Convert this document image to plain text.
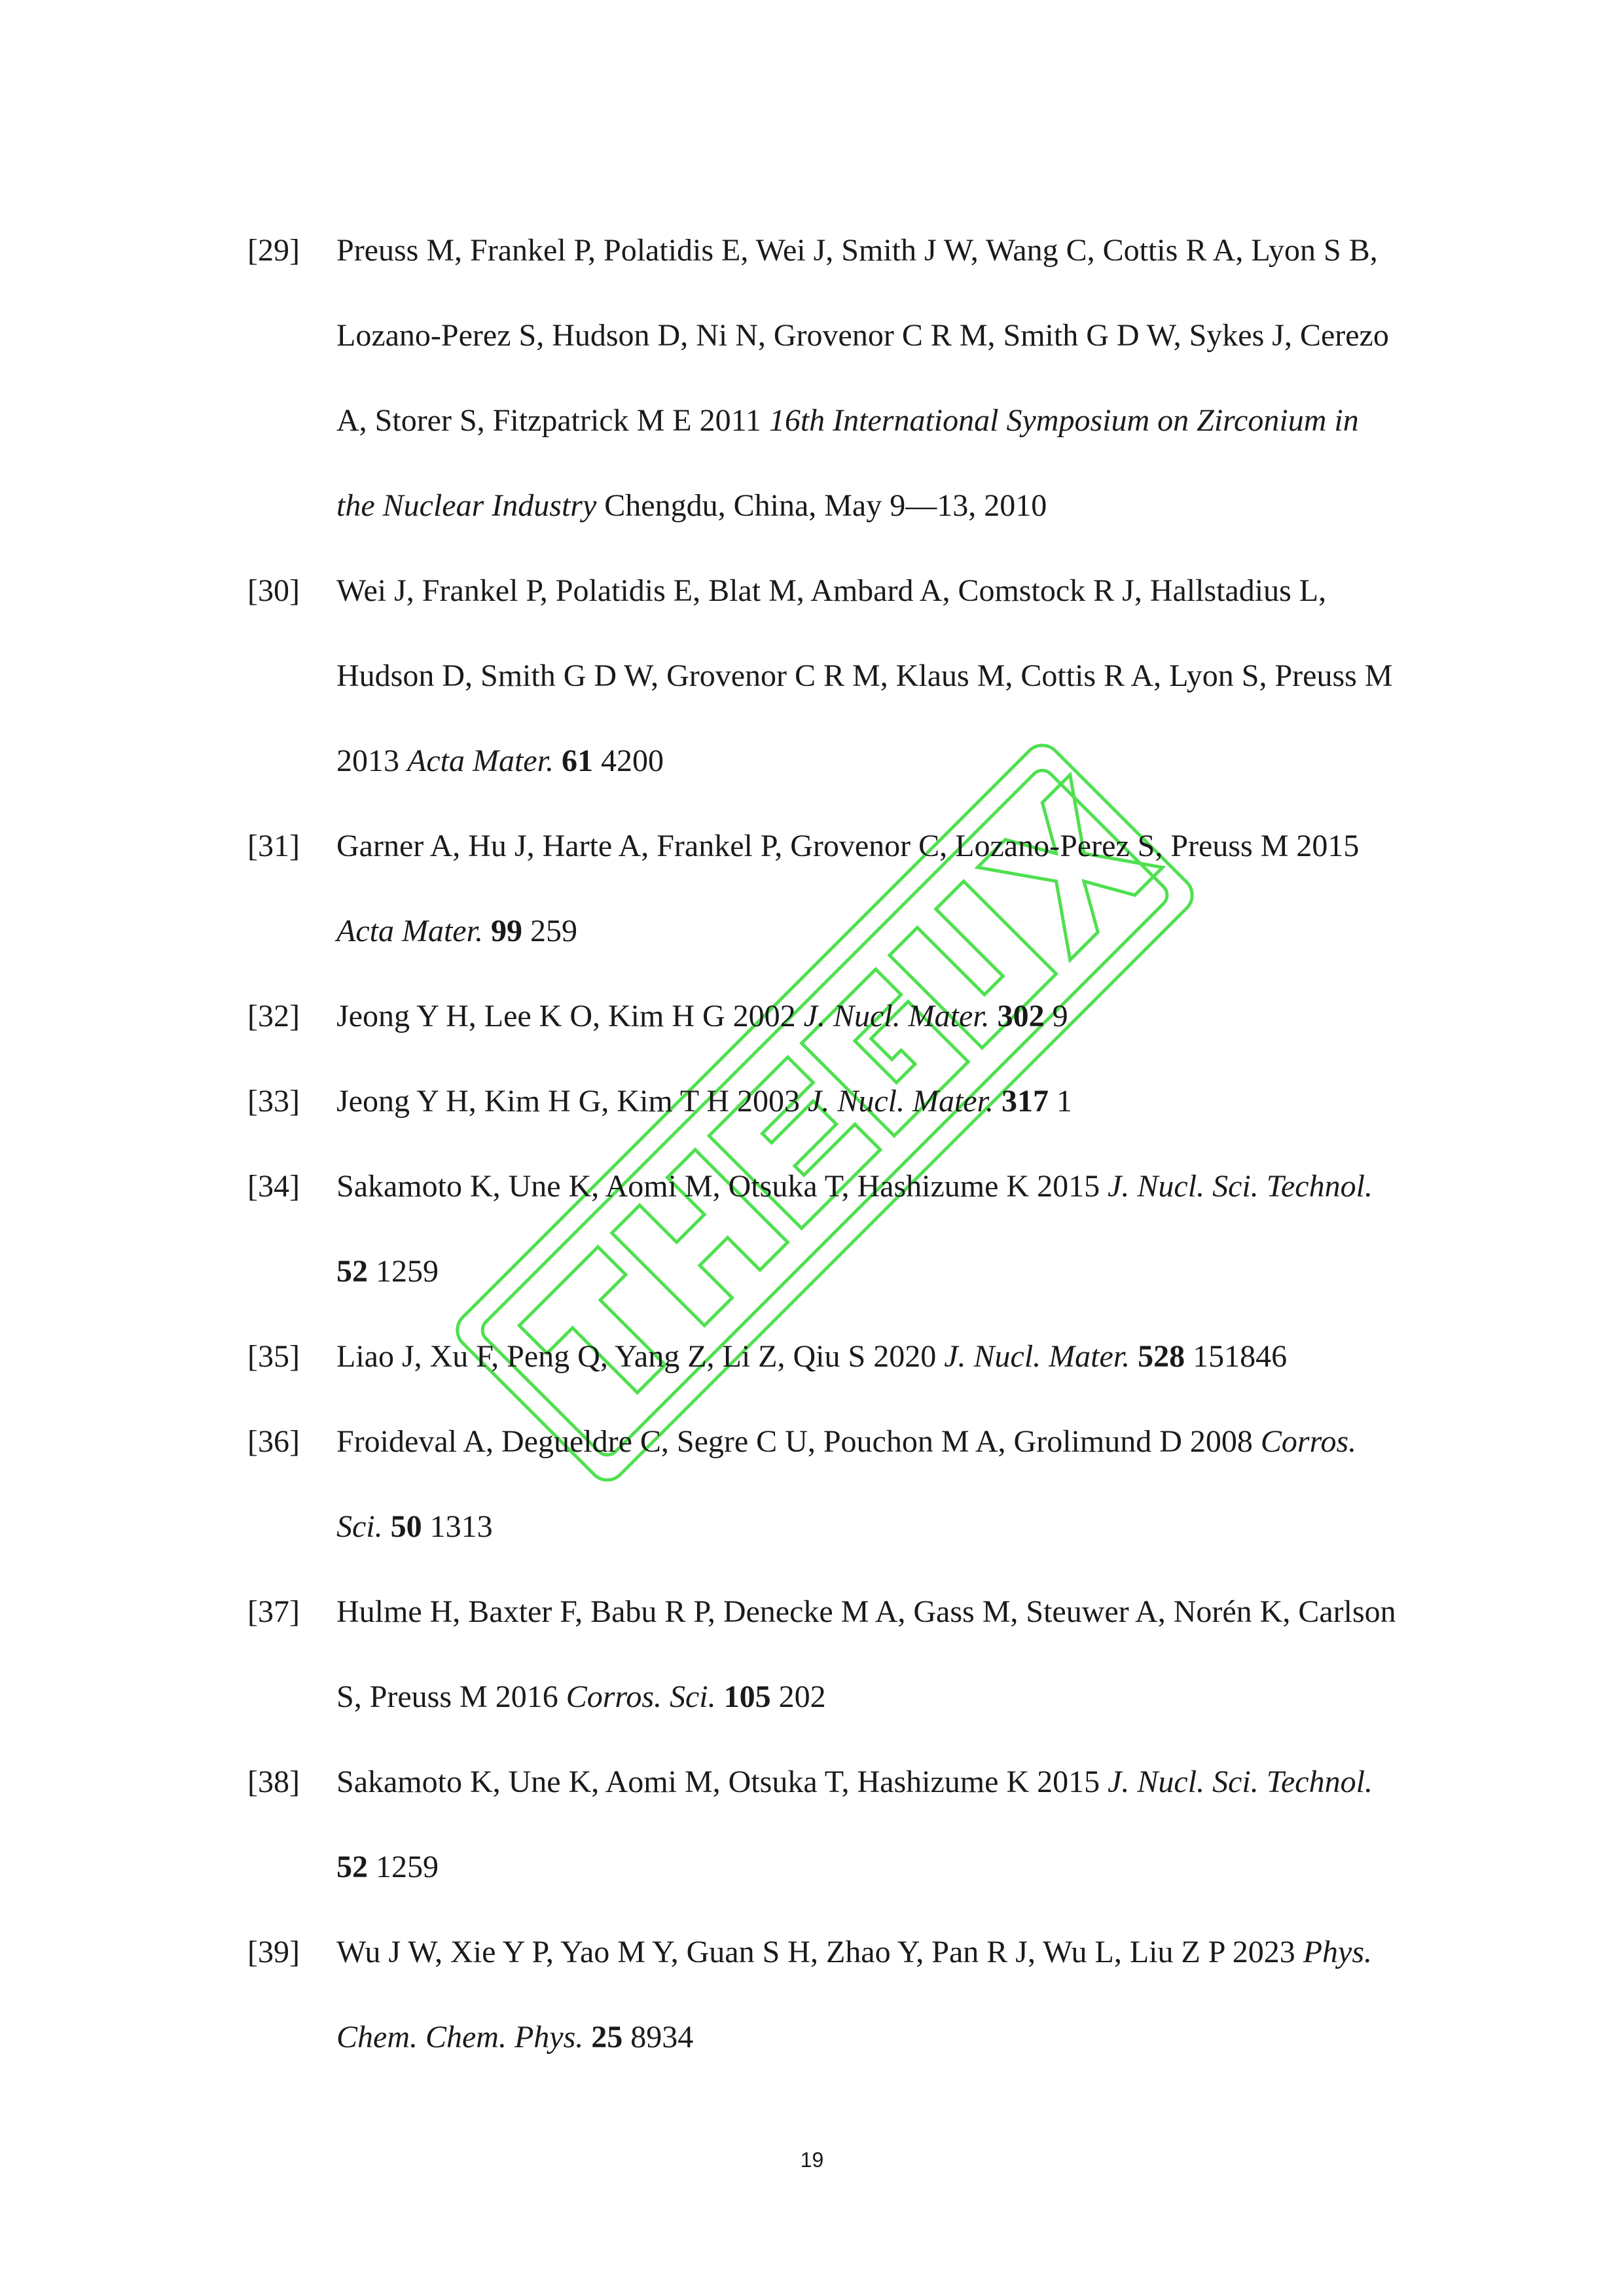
[29]	Preuss M, Frankel P, Polatidis E, Wei J, Smith J W, Wang C, Cottis R A, Lyon S B, Lozano-Perez S, Hudson D, Ni N, Grovenor C R M, Smith G D W, Sykes J, Cerezo A, Storer S, Fitzpatrick M E 2011 16th International Symposium on Zirconium in the Nuclear Industry Chengdu, China, May 9—13, 2010
[30]	Wei J, Frankel P, Polatidis E, Blat M, Ambard A, Comstock R J, Hallstadius L, Hudson D, Smith G D W, Grovenor C R M, Klaus M, Cottis R A, Lyon S, Preuss M 2013 Acta Mater. 61 4200
[31]	Garner A, Hu J, Harte A, Frankel P, Grovenor C, Lozano-Perez S, Preuss M 2015 Acta Mater. 99 259
[32]	Jeong Y H, Lee K O, Kim H G 2002 J. Nucl. Mater. 302 9
[33]	Jeong Y H, Kim H G, Kim T H 2003 J. Nucl. Mater. 317 1
[34]	Sakamoto K, Une K, Aomi M, Otsuka T, Hashizume K 2015 J. Nucl. Sci. Technol. 52 1259
[35]	Liao J, Xu F, Peng Q, Yang Z, Li Z, Qiu S 2020 J. Nucl. Mater. 528 151846
[36]	Froideval A, Degueldre C, Segre C U, Pouchon M A, Grolimund D 2008 Corros. Sci. 50 1313
[37]	Hulme H, Baxter F, Babu R P, Denecke M A, Gass M, Steuwer A, Norén K, Carlson S, Preuss M 2016 Corros. Sci. 105 202
[38]	Sakamoto K, Une K, Aomi M, Otsuka T, Hashizume K 2015 J. Nucl. Sci. Technol. 52 1259
[39]	Wu J W, Xie Y P, Yao M Y, Guan S H, Zhao Y, Pan R J, Wu L, Liu Z P 2023 Phys. Chem. Chem. Phys. 25 8934
19
